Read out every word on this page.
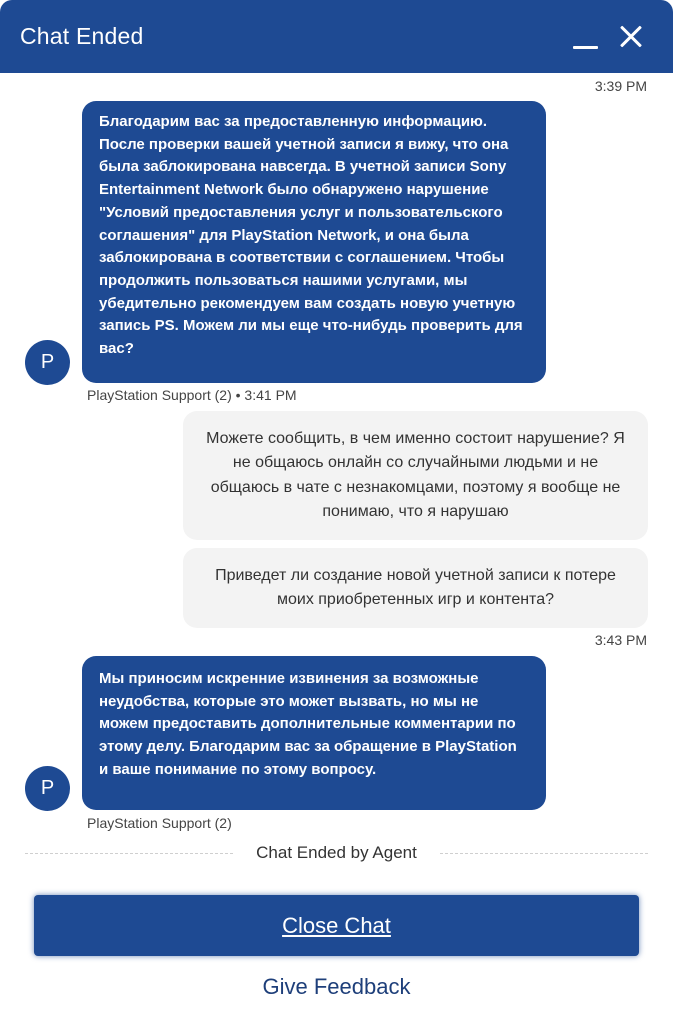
Chat Ended
3:39 PM
Благодарим вас за предоставленную информацию. После проверки вашей учетной записи я вижу, что она была заблокирована навсегда. В учетной записи Sony Entertainment Network было обнаружено нарушение "Условий предоставления услуг и пользовательского соглашения" для PlayStation Network, и она была заблокирована в соответствии с соглашением. Чтобы продолжить пользоваться нашими услугами, мы убедительно рекомендуем вам создать новую учетную запись PS. Можем ли мы еще что-нибудь проверить для вас?
P
PlayStation Support (2) • 3:41 PM
Можете сообщить, в чем именно состоит нарушение? Я не общаюсь онлайн со случайными людьми и не общаюсь в чате с незнакомцами, поэтому я вообще не понимаю, что я нарушаю
Приведет ли создание новой учетной записи к потере моих приобретенных игр и контента?
3:43 PM
Мы приносим искренние извинения за возможные неудобства, которые это может вызвать, но мы не можем предоставить дополнительные комментарии по этому делу. Благодарим вас за обращение в PlayStation и ваше понимание по этому вопросу.
P
PlayStation Support (2)
Chat Ended by Agent
Close Chat
Give Feedback
